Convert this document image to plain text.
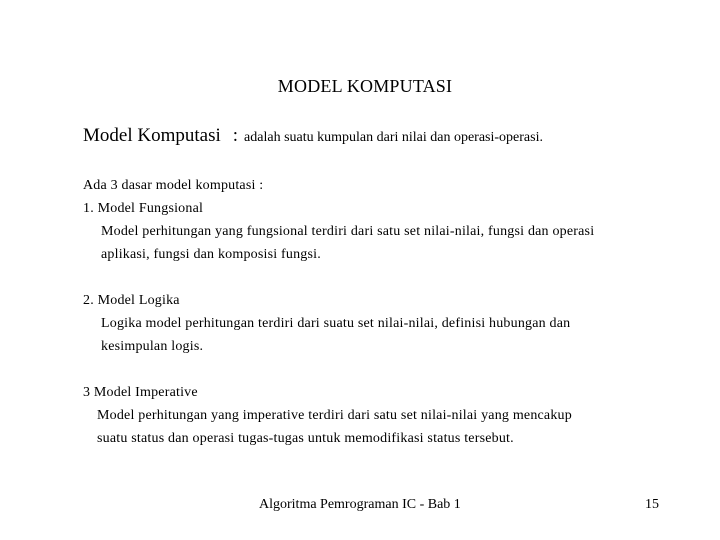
MODEL KOMPUTASI
Model Komputasi : adalah suatu kumpulan dari nilai dan operasi-operasi.
Ada 3 dasar model komputasi :
1. Model Fungsional
Model perhitungan yang fungsional terdiri dari satu set nilai-nilai, fungsi dan operasi
aplikasi, fungsi dan komposisi fungsi.
2. Model Logika
Logika model perhitungan terdiri dari suatu set nilai-nilai, definisi hubungan dan
kesimpulan logis.
3 Model Imperative
Model perhitungan yang imperative terdiri dari satu set nilai-nilai yang mencakup
suatu status dan operasi tugas-tugas untuk memodifikasi status tersebut.
Algoritma Pemrograman IC - Bab 1	15
